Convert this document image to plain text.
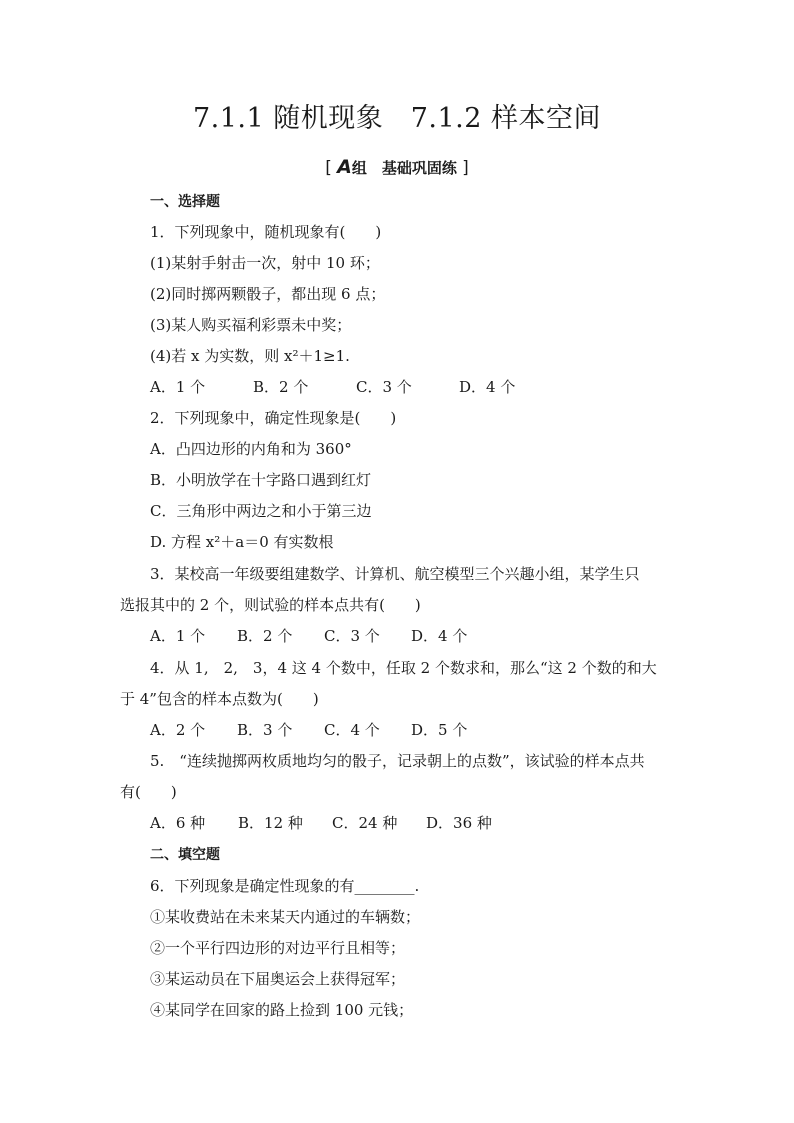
7.1.1 随机现象　7.1.2 样本空间
[ A组　基础巩固练 ]
一、选择题
1．下列现象中，随机现象有(　　)
(1)某射手射击一次，射中 10 环；
(2)同时掷两颗骰子，都出现 6 点；
(3)某人购买福利彩票未中奖；
(4)若 x 为实数，则 x²＋1≥1.
A．1 个	B．2 个	C．3 个	D．4 个
2．下列现象中，确定性现象是(　　)
A．凸四边形的内角和为 360°
B．小明放学在十字路口遇到红灯
C．三角形中两边之和小于第三边
D. 方程 x²＋a＝0 有实数根
3．某校高一年级要组建数学、计算机、航空模型三个兴趣小组，某学生只
选报其中的 2 个，则试验的样本点共有(　　)
A．1 个 B．2 个 C．3 个 D．4 个
4．从 1,　2,　3，4 这 4 个数中，任取 2 个数求和，那么“这 2 个数的和大
于 4”包含的样本点数为(　　)
A．2 个 B．3 个 C．4 个 D．5 个
5.　“连续抛掷两枚质地均匀的骰子，记录朝上的点数”，该试验的样本点共
有(　　)
A．6 种 B．12 种 C．24 种 D．36 种
二、填空题
6．下列现象是确定性现象的有________.
①某收费站在未来某天内通过的车辆数；
②一个平行四边形的对边平行且相等；
③某运动员在下届奥运会上获得冠军；
④某同学在回家的路上捡到 100 元钱；
